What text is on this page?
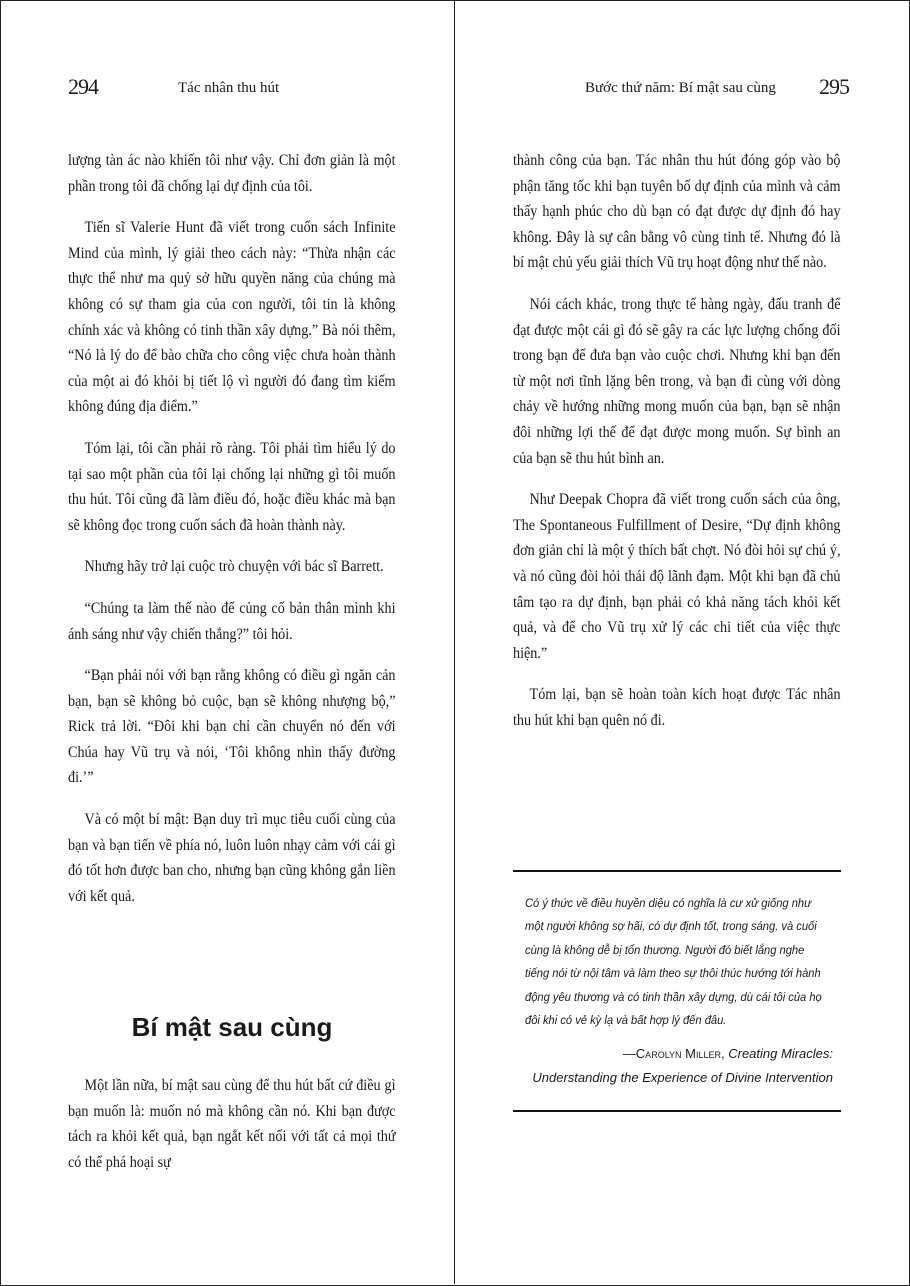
294	Tác nhân thu hút

lượng tàn ác nào khiến tôi như vậy. Chỉ đơn giản là một phần trong tôi đã chống lại dự định của tôi.

Tiến sĩ Valerie Hunt đã viết trong cuốn sách Infinite Mind của mình, lý giải theo cách này: “Thừa nhận các thực thể như ma quỷ sở hữu quyền năng của chúng mà không có sự tham gia của con người, tôi tin là không chính xác và không có tinh thần xây dựng.” Bà nói thêm, “Nó là lý do để bào chữa cho công việc chưa hoàn thành của một ai đó khỏi bị tiết lộ vì người đó đang tìm kiếm không đúng địa điểm.”

Tóm lại, tôi cần phải rõ ràng. Tôi phải tìm hiểu lý do tại sao một phần của tôi lại chống lại những gì tôi muốn thu hút. Tôi cũng đã làm điều đó, hoặc điều khác mà bạn sẽ không đọc trong cuốn sách đã hoàn thành này.

Nhưng hãy trở lại cuộc trò chuyện với bác sĩ Barrett.

“Chúng ta làm thế nào để củng cố bản thân mình khi ánh sáng như vậy chiến thắng?” tôi hỏi.

“Bạn phải nói với bạn rằng không có điều gì ngăn cản bạn, bạn sẽ không bỏ cuộc, bạn sẽ không nhượng bộ,” Rick trả lời. “Đôi khi bạn chỉ cần chuyển nó đến với Chúa hay Vũ trụ và nói, ‘Tôi không nhìn thấy đường đi.’”

Và có một bí mật: Bạn duy trì mục tiêu cuối cùng của bạn và bạn tiến về phía nó, luôn luôn nhạy cảm với cái gì đó tốt hơn được ban cho, nhưng bạn cũng không gắn liền với kết quả.

Bí mật sau cùng

Một lần nữa, bí mật sau cùng để thu hút bất cứ điều gì bạn muốn là: muốn nó mà không cần nó. Khi bạn được tách ra khỏi kết quả, bạn ngắt kết nối với tất cả mọi thứ có thể phá hoại sự

Bước thứ năm: Bí mật sau cùng 295

thành công của bạn. Tác nhân thu hút đóng góp vào bộ phận tăng tốc khi bạn tuyên bố dự định của mình và cảm thấy hạnh phúc cho dù bạn có đạt được dự định đó hay không. Đây là sự cân bằng vô cùng tinh tế. Nhưng đó là bí mật chủ yếu giải thích Vũ trụ hoạt động như thế nào.

Nói cách khác, trong thực tế hàng ngày, đấu tranh để đạt được một cái gì đó sẽ gây ra các lực lượng chống đối trong bạn để đưa bạn vào cuộc chơi. Nhưng khi bạn đến từ một nơi tĩnh lặng bên trong, và bạn đi cùng với dòng chảy về hướng những mong muốn của bạn, bạn sẽ nhận đôi những lợi thế để đạt được mong muốn. Sự bình an của bạn sẽ thu hút bình an.

Như Deepak Chopra đã viết trong cuốn sách của ông, The Spontaneous Fulfillment of Desire, “Dự định không đơn giản chỉ là một ý thích bất chợt. Nó đòi hỏi sự chú ý, và nó cũng đòi hỏi thái độ lãnh đạm. Một khi bạn đã chủ tâm tạo ra dự định, bạn phải có khả năng tách khỏi kết quả, và để cho Vũ trụ xử lý các chi tiết của việc thực hiện.”

Tóm lại, bạn sẽ hoàn toàn kích hoạt được Tác nhân thu hút khi bạn quên nó đi.

Có ý thức về điều huyền diệu có nghĩa là cư xử giống như một người không sợ hãi, có dự định tốt, trong sáng, và cuối cùng là không dễ bị tổn thương. Người đó biết lắng nghe tiếng nói từ nội tâm và làm theo sự thôi thúc hướng tới hành động yêu thương và có tinh thần xây dựng, dù cái tôi của họ đôi khi có vẻ kỳ lạ và bất hợp lý đến đâu.
—Carolyn Miller, Creating Miracles:
Understanding the Experience of Divine Intervention
